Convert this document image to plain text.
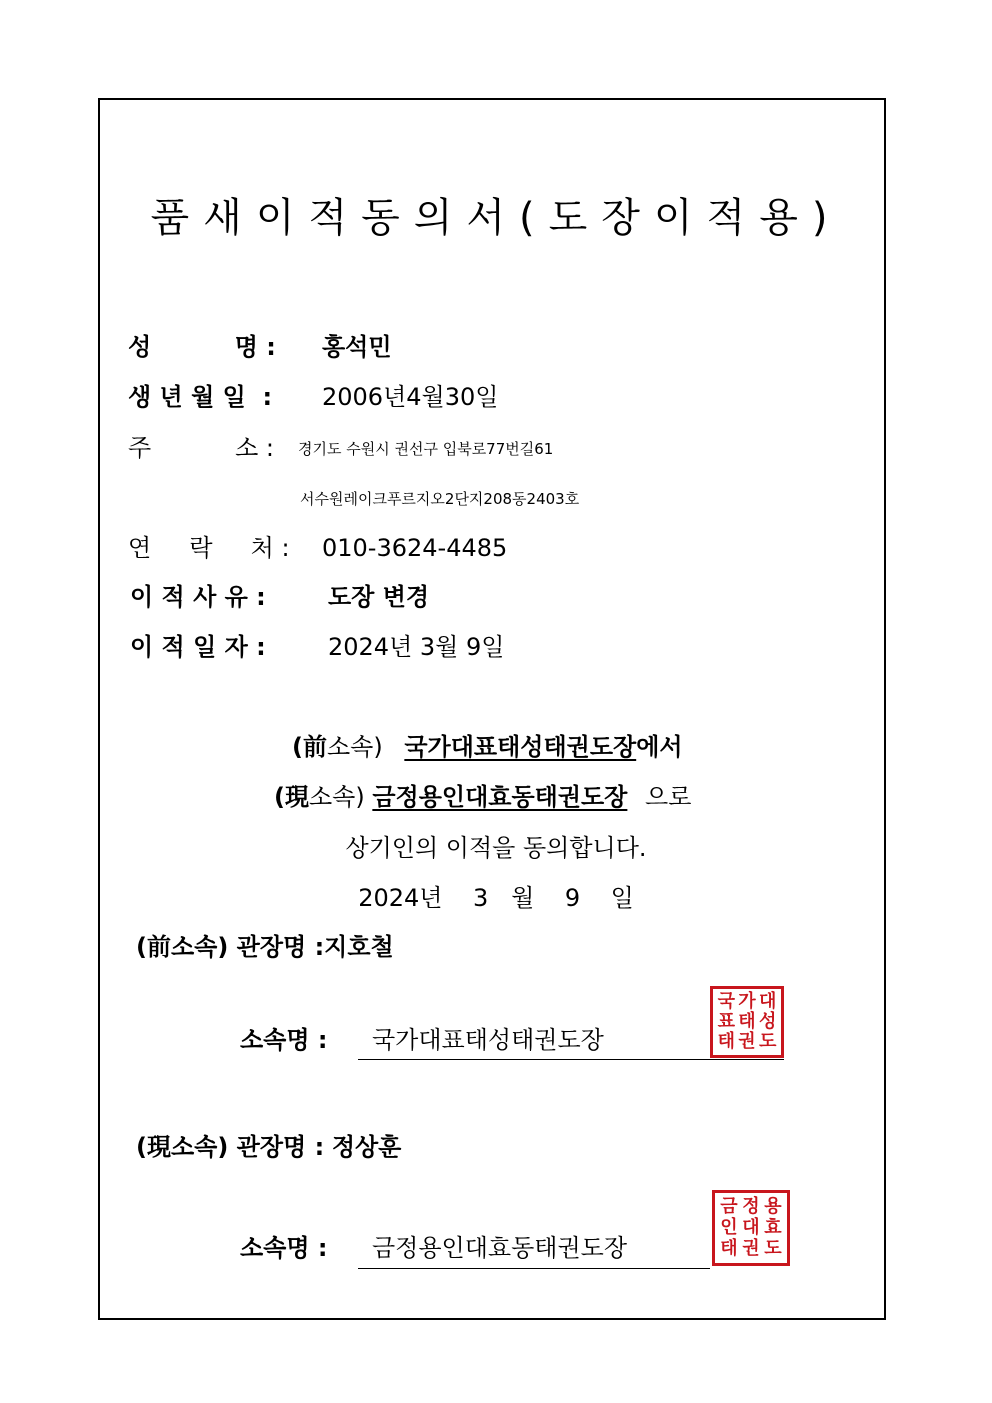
품새이적동의서(도장이적용)
성          명 : 홍석민
생 년 월 일  : 2006년4월30일
주           소 : 경기도 수원시 권선구 입북로77번길61
서수원레이크푸르지오2단지208동2403호
연     락     처 : 010-3624-4485
이 적 사 유 :	도장 변경
이 적 일 자 :	2024년 3월 9일
(前소속) 국가대표태성태권도장에서
(現소속) 금정용인대효동태권도장 으로
상기인의 이적을 동의합니다.
2024년    3   월    9    일
(前소속) 관장명 :지호철
소속명 : 국가대표태성태권도장
국 가 대
표 태 성
태 권 도
(現소속) 관장명 : 정상훈
소속명 : 금정용인대효동태권도장
금 정 용
인 대 효
태 권 도
